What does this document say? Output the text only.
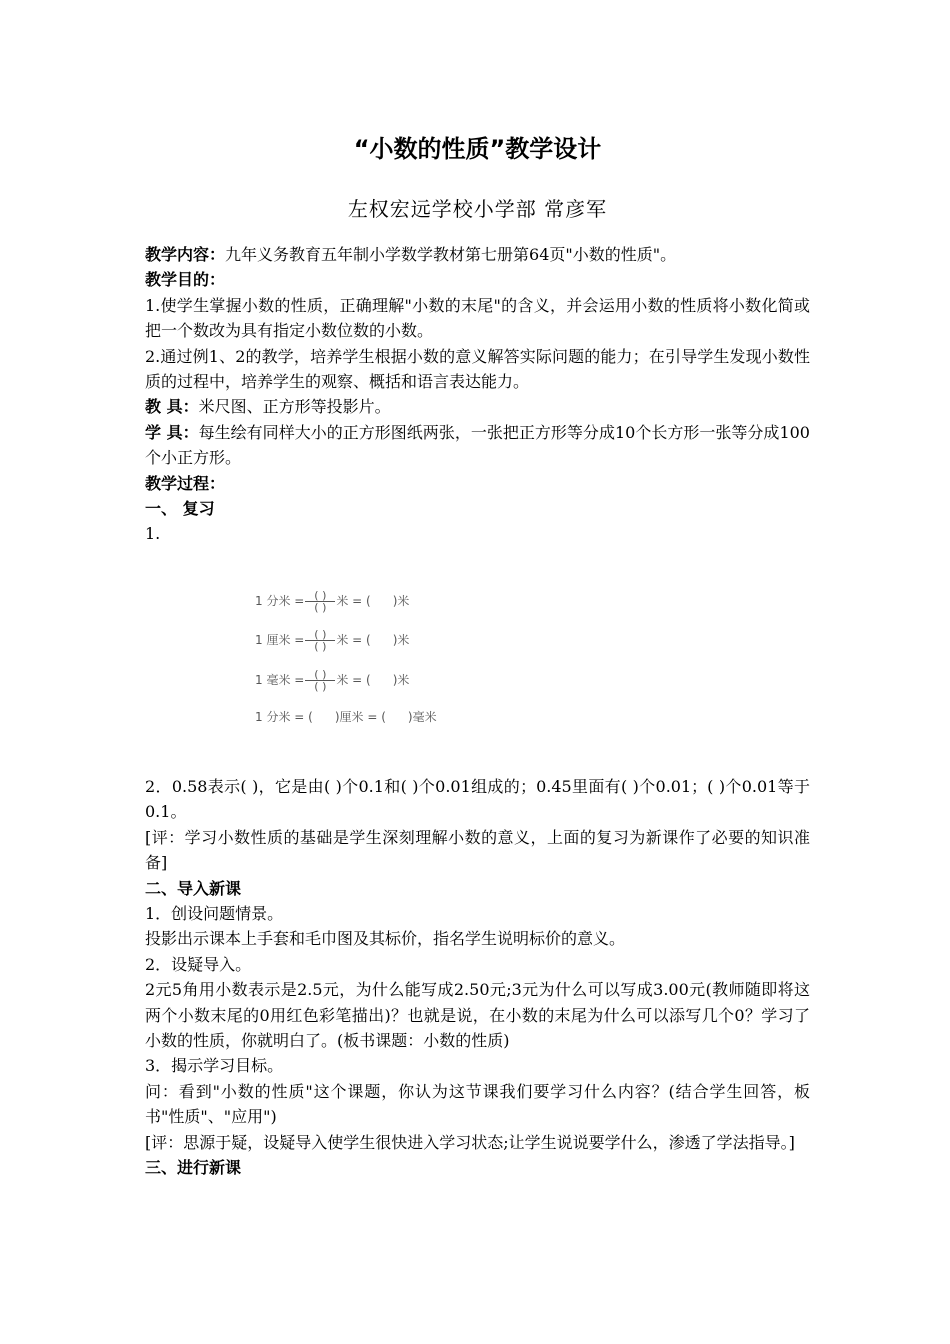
“小数的性质”教学设计
左权宏远学校小学部 常彦军

教学内容：九年义务教育五年制小学数学教材第七册第64页"小数的性质"。

教学目的：

1.使学生掌握小数的性质，正确理解"小数的末尾"的含义，并会运用小数的性质将小数化简或把一个数改为具有指定小数位数的小数。

2.通过例1、2的教学，培养学生根据小数的意义解答实际问题的能力；在引导学生发现小数性质的过程中，培养学生的观察、概括和语言表达能力。

教 具：米尺图、正方形等投影片。

学 具：每生绘有同样大小的正方形图纸两张，一张把正方形等分成10个长方形一张等分成100个小正方形。

教学过程：

一、 复习

1.

1 分米 = $\frac{( )}{( )}$ 米 = ( )米
1 厘米 = $\frac{( )}{( )}$ 米 = ( )米
1 毫米 = $\frac{( )}{( )}$ 米 = ( )米
1 分米 = ( )厘米 = ( )毫米

2．0.58表示( )，它是由( )个0.1和( )个0.01组成的；0.45里面有( )个0.01；( )个0.01等于0.1。

[评：学习小数性质的基础是学生深刻理解小数的意义，上面的复习为新课作了必要的知识准备]

二、导入新课

1．创设问题情景。

投影出示课本上手套和毛巾图及其标价，指名学生说明标价的意义。

2．设疑导入。

2元5角用小数表示是2.5元，为什么能写成2.50元;3元为什么可以写成3.00元(教师随即将这两个小数末尾的0用红色彩笔描出)？也就是说，在小数的末尾为什么可以添写几个0？学习了小数的性质，你就明白了。(板书课题：小数的性质)

3．揭示学习目标。

问：看到"小数的性质"这个课题，你认为这节课我们要学习什么内容？(结合学生回答，板书"性质"、"应用")

[评：思源于疑，设疑导入使学生很快进入学习状态;让学生说说要学什么，渗透了学法指导。]

三、进行新课
